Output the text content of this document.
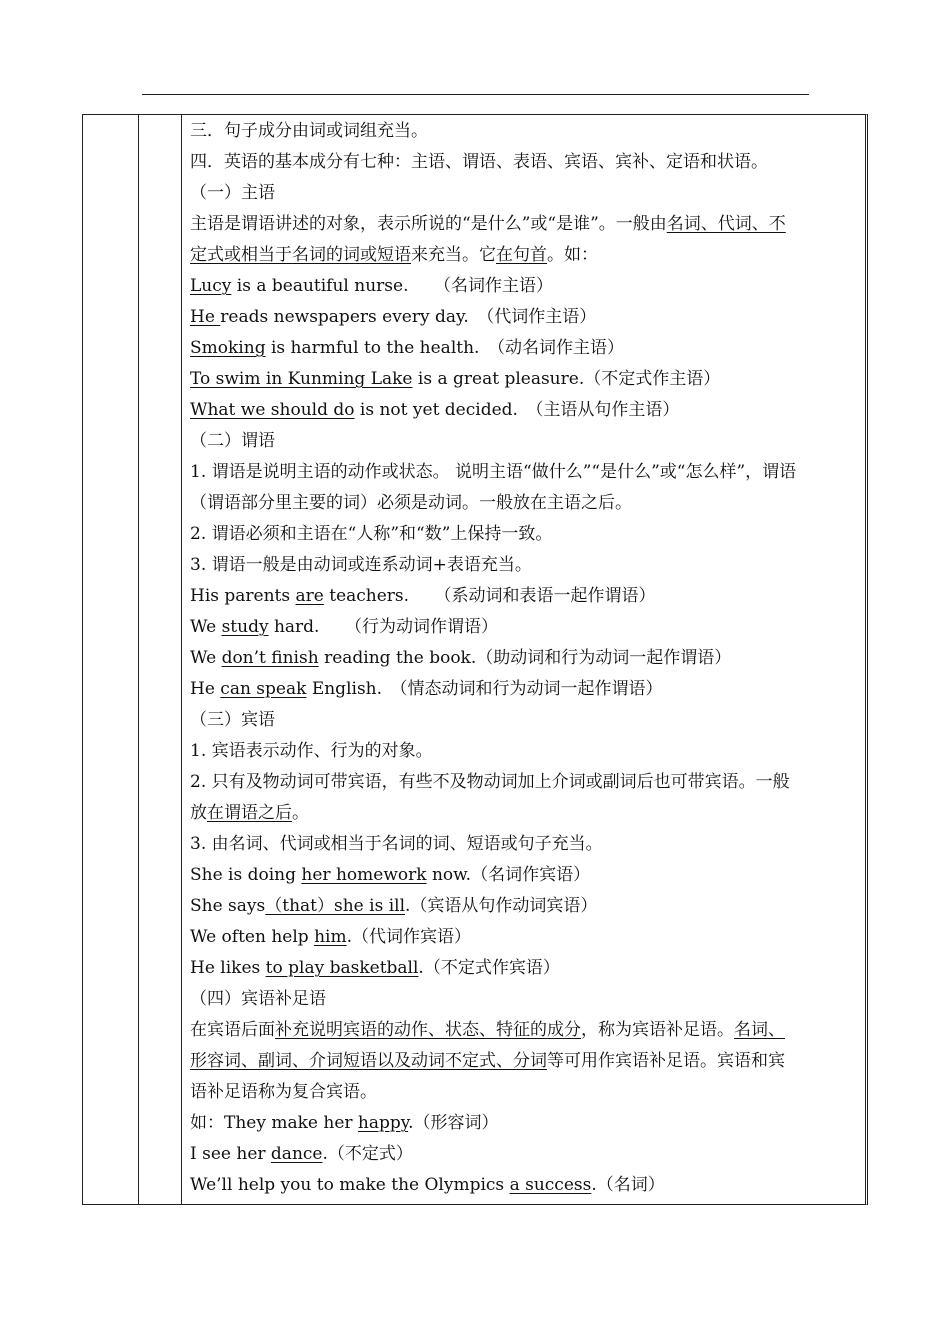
三．句子成分由词或词组充当。
四．英语的基本成分有七种：主语、谓语、表语、宾语、宾补、定语和状语。
（一）主语
主语是谓语讲述的对象，表示所说的“是什么”或“是谁”。一般由名词、代词、不
定式或相当于名词的词或短语来充当。它在句首。如：
Lucy is a beautiful nurse.　　（名词作主语）
He reads newspapers every day.　（代词作主语）
Smoking is harmful to the health.　（动名词作主语）
To swim in Kunming Lake is a great pleasure.（不定式作主语）
What we should do is not yet decided.　（主语从句作主语）
（二）谓语
1. 谓语是说明主语的动作或状态。 说明主语“做什么”“是什么”或“怎么样”，谓语
（谓语部分里主要的词）必须是动词。一般放在主语之后。
2. 谓语必须和主语在“人称”和“数”上保持一致。
3. 谓语一般是由动词或连系动词+表语充当。
His parents are teachers.　　（系动词和表语一起作谓语）
We study hard.　　（行为动词作谓语）
We don’t finish reading the book.（助动词和行为动词一起作谓语）
He can speak English.　（情态动词和行为动词一起作谓语）
（三）宾语
1. 宾语表示动作、行为的对象。
2. 只有及物动词可带宾语，有些不及物动词加上介词或副词后也可带宾语。一般
放在谓语之后。
3. 由名词、代词或相当于名词的词、短语或句子充当。
She is doing her homework now.（名词作宾语）
She says（that）she is ill.（宾语从句作动词宾语）
We often help him.（代词作宾语）
He likes to play basketball.（不定式作宾语）
（四）宾语补足语
在宾语后面补充说明宾语的动作、状态、特征的成分，称为宾语补足语。名词、
形容词、副词、介词短语以及动词不定式、分词等可用作宾语补足语。宾语和宾
语补足语称为复合宾语。
如：They make her happy.（形容词）
I see her dance.（不定式）
We’ll help you to make the Olympics a success.（名词）
